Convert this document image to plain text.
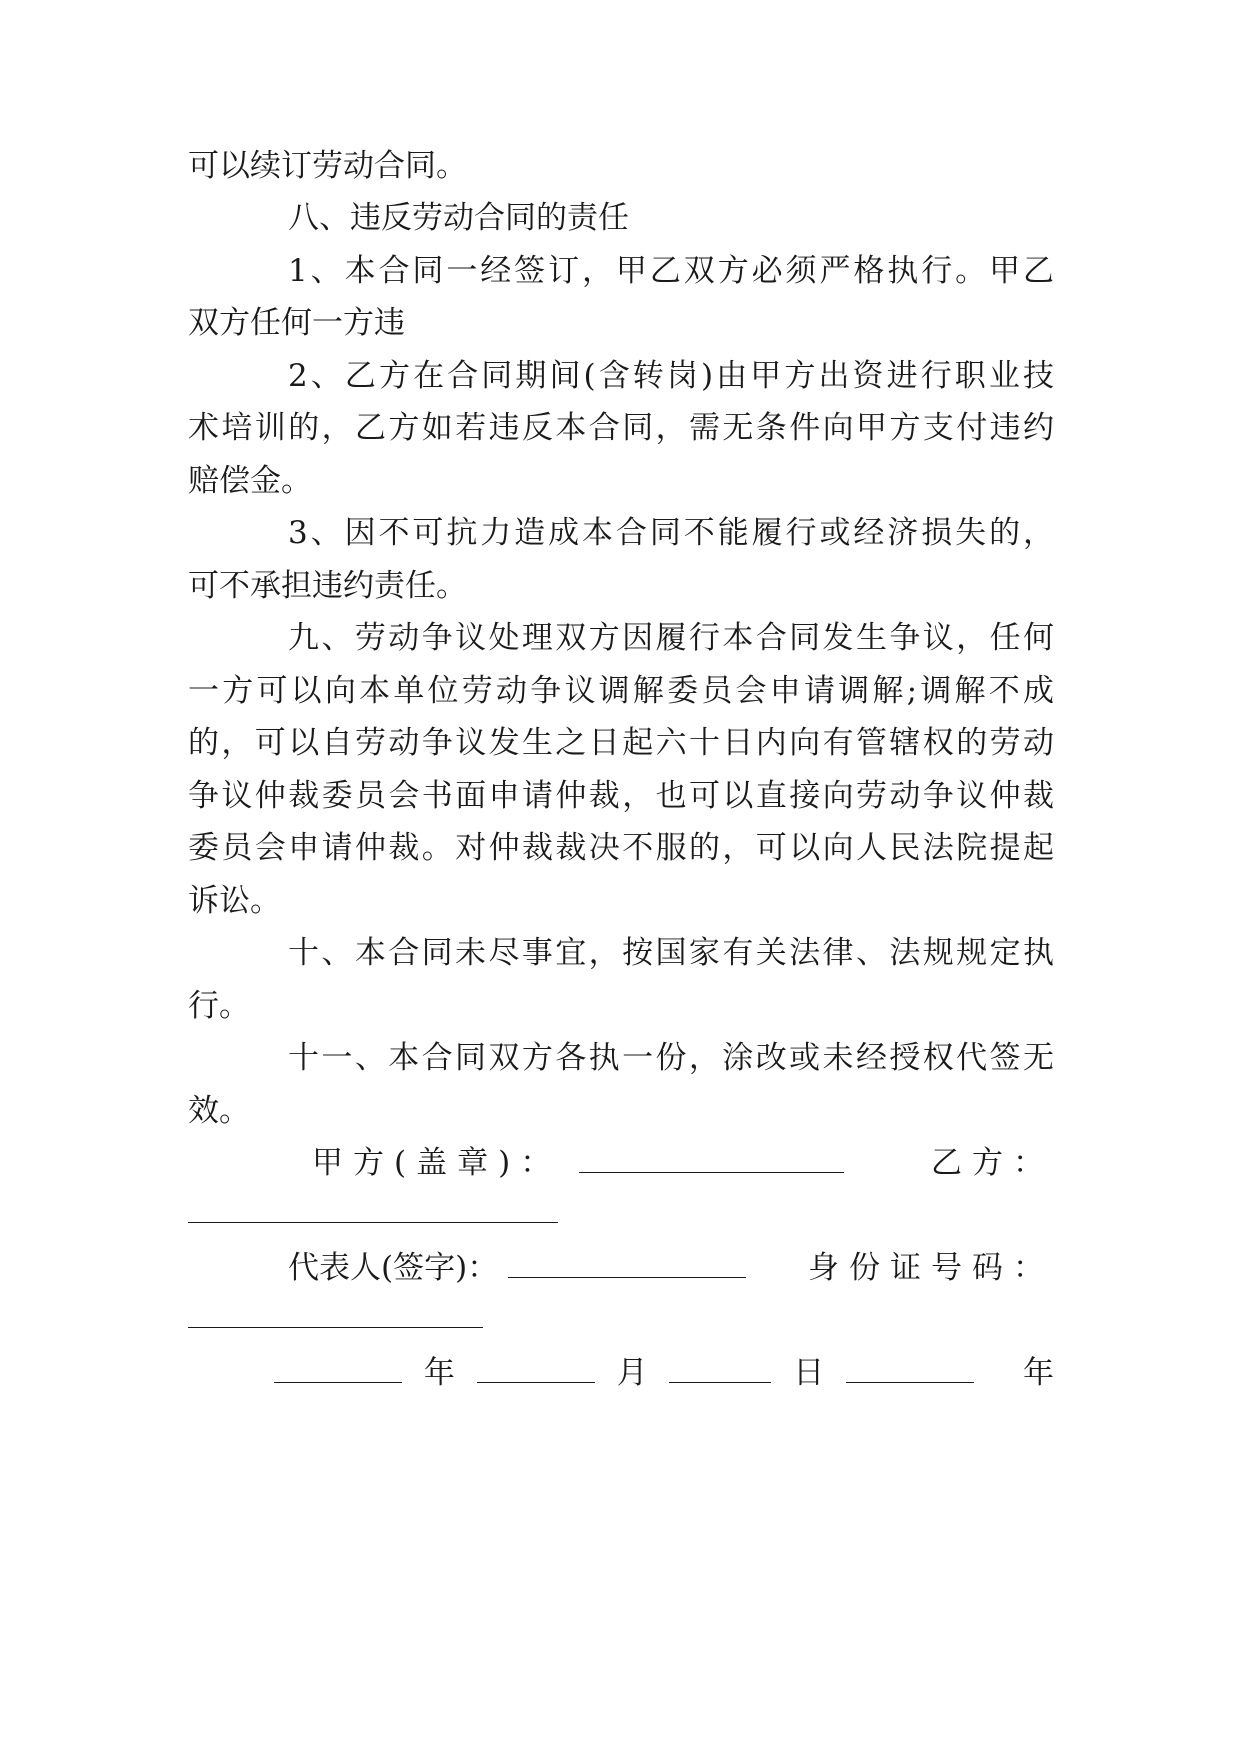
可以续订劳动合同。
八、违反劳动合同的责任
1、本合同一经签订，甲乙双方必须严格执行。甲乙
双方任何一方违
2、乙方在合同期间(含转岗)由甲方出资进行职业技
术培训的，乙方如若违反本合同，需无条件向甲方支付违约
赔偿金。
3、因不可抗力造成本合同不能履行或经济损失的，
可不承担违约责任。
九、劳动争议处理双方因履行本合同发生争议，任何
一方可以向本单位劳动争议调解委员会申请调解;调解不成
的，可以自劳动争议发生之日起六十日内向有管辖权的劳动
争议仲裁委员会书面申请仲裁，也可以直接向劳动争议仲裁
委员会申请仲裁。对仲裁裁决不服的，可以向人民法院提起
诉讼。
十、本合同未尽事宜，按国家有关法律、法规规定执
行。
十一、本合同双方各执一份，涂改或未经授权代签无
效。
甲方(盖章)：	乙方：
代表人(签字)：	身份证号码：
年	月	日	年
